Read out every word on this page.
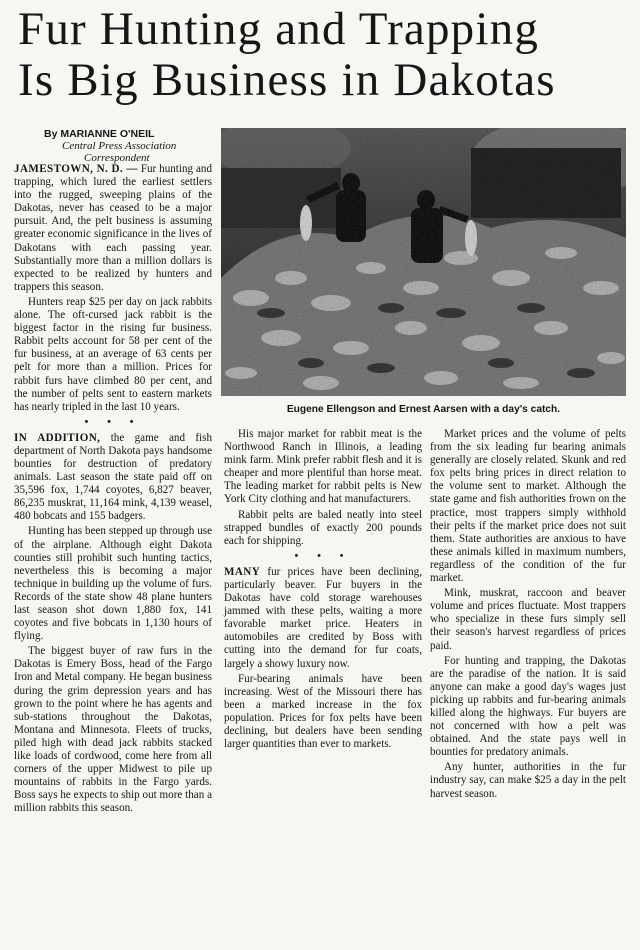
Fur Hunting and Trapping
Is Big Business in Dakotas
By MARIANNE O'NEIL
Central Press Association
Correspondent
Eugene Ellengson and Ernest Aarsen with a day's catch.

JAMESTOWN, N. D. — Fur hunting and trapping, which lured the earliest settlers into the rugged, sweeping plains of the Dakotas, never has ceased to be a major pursuit. And, the pelt business is assuming greater economic significance in the lives of Dakotans with each passing year. Substantially more than a million dollars is expected to be realized by hunters and trappers this season.

Hunters reap $25 per day on jack rabbits alone. The oft-cursed jack rabbit is the biggest factor in the rising fur business. Rabbit pelts account for 58 per cent of the fur business, at an average of 63 cents per pelt for more than a million. Prices for rabbit furs have climbed 80 per cent, and the number of pelts sent to eastern markets has nearly tripled in the last 10 years.

• • •

IN ADDITION, the game and fish department of North Dakota pays handsome bounties for destruction of predatory animals. Last season the state paid off on 35,596 fox, 1,744 coyotes, 6,827 beaver, 86,235 muskrat, 11,164 mink, 4,139 weasel, 480 bobcats and 155 badgers.

Hunting has been stepped up through use of the airplane. Although eight Dakota counties still prohibit such hunting tactics, nevertheless this is becoming a major technique in building up the volume of furs. Records of the state show 48 plane hunters last season shot down 1,880 fox, 141 coyotes and five bobcats in 1,130 hours of flying.

The biggest buyer of raw furs in the Dakotas is Emery Boss, head of the Fargo Iron and Metal company. He began business during the grim depression years and has grown to the point where he has agents and sub-stations throughout the Dakotas, Montana and Minnesota. Fleets of trucks, piled high with dead jack rabbits stacked like loads of cordwood, come here from all corners of the upper Midwest to pile up mountains of rabbits in the Fargo yards. Boss says he expects to ship out more than a million rabbits this season.

His major market for rabbit meat is the Northwood Ranch in Illinois, a leading mink farm. Mink prefer rabbit flesh and it is cheaper and more plentiful than horse meat. The leading market for rabbit pelts is New York City clothing and hat manufacturers.

Rabbit pelts are baled neatly into steel strapped bundles of exactly 200 pounds each for shipping.

• • •

MANY fur prices have been declining, particularly beaver. Fur buyers in the Dakotas have cold storage warehouses jammed with these pelts, waiting a more favorable market price. Heaters in automobiles are credited by Boss with cutting into the demand for fur coats, largely a showy luxury now.

Fur-bearing animals have been increasing. West of the Missouri there has been a marked increase in the fox population. Prices for fox pelts have been declining, but dealers have been sending larger quantities than ever to markets.

Market prices and the volume of pelts from the six leading fur bearing animals generally are closely related. Skunk and red fox pelts bring prices in direct relation to the volume sent to market. Although the state game and fish authorities frown on the practice, most trappers simply withhold their pelts if the market price does not suit them. State authorities are anxious to have these animals killed in maximum numbers, regardless of the condition of the fur market.

Mink, muskrat, raccoon and beaver volume and prices fluctuate. Most trappers who specialize in these furs simply sell their season's harvest regardless of prices paid.

For hunting and trapping, the Dakotas are the paradise of the nation. It is said anyone can make a good day's wages just picking up rabbits and fur-bearing animals killed along the highways. Fur buyers are not concerned with how a pelt was obtained. And the state pays well in bounties for predatory animals.

Any hunter, authorities in the fur industry say, can make $25 a day in the pelt harvest season.
